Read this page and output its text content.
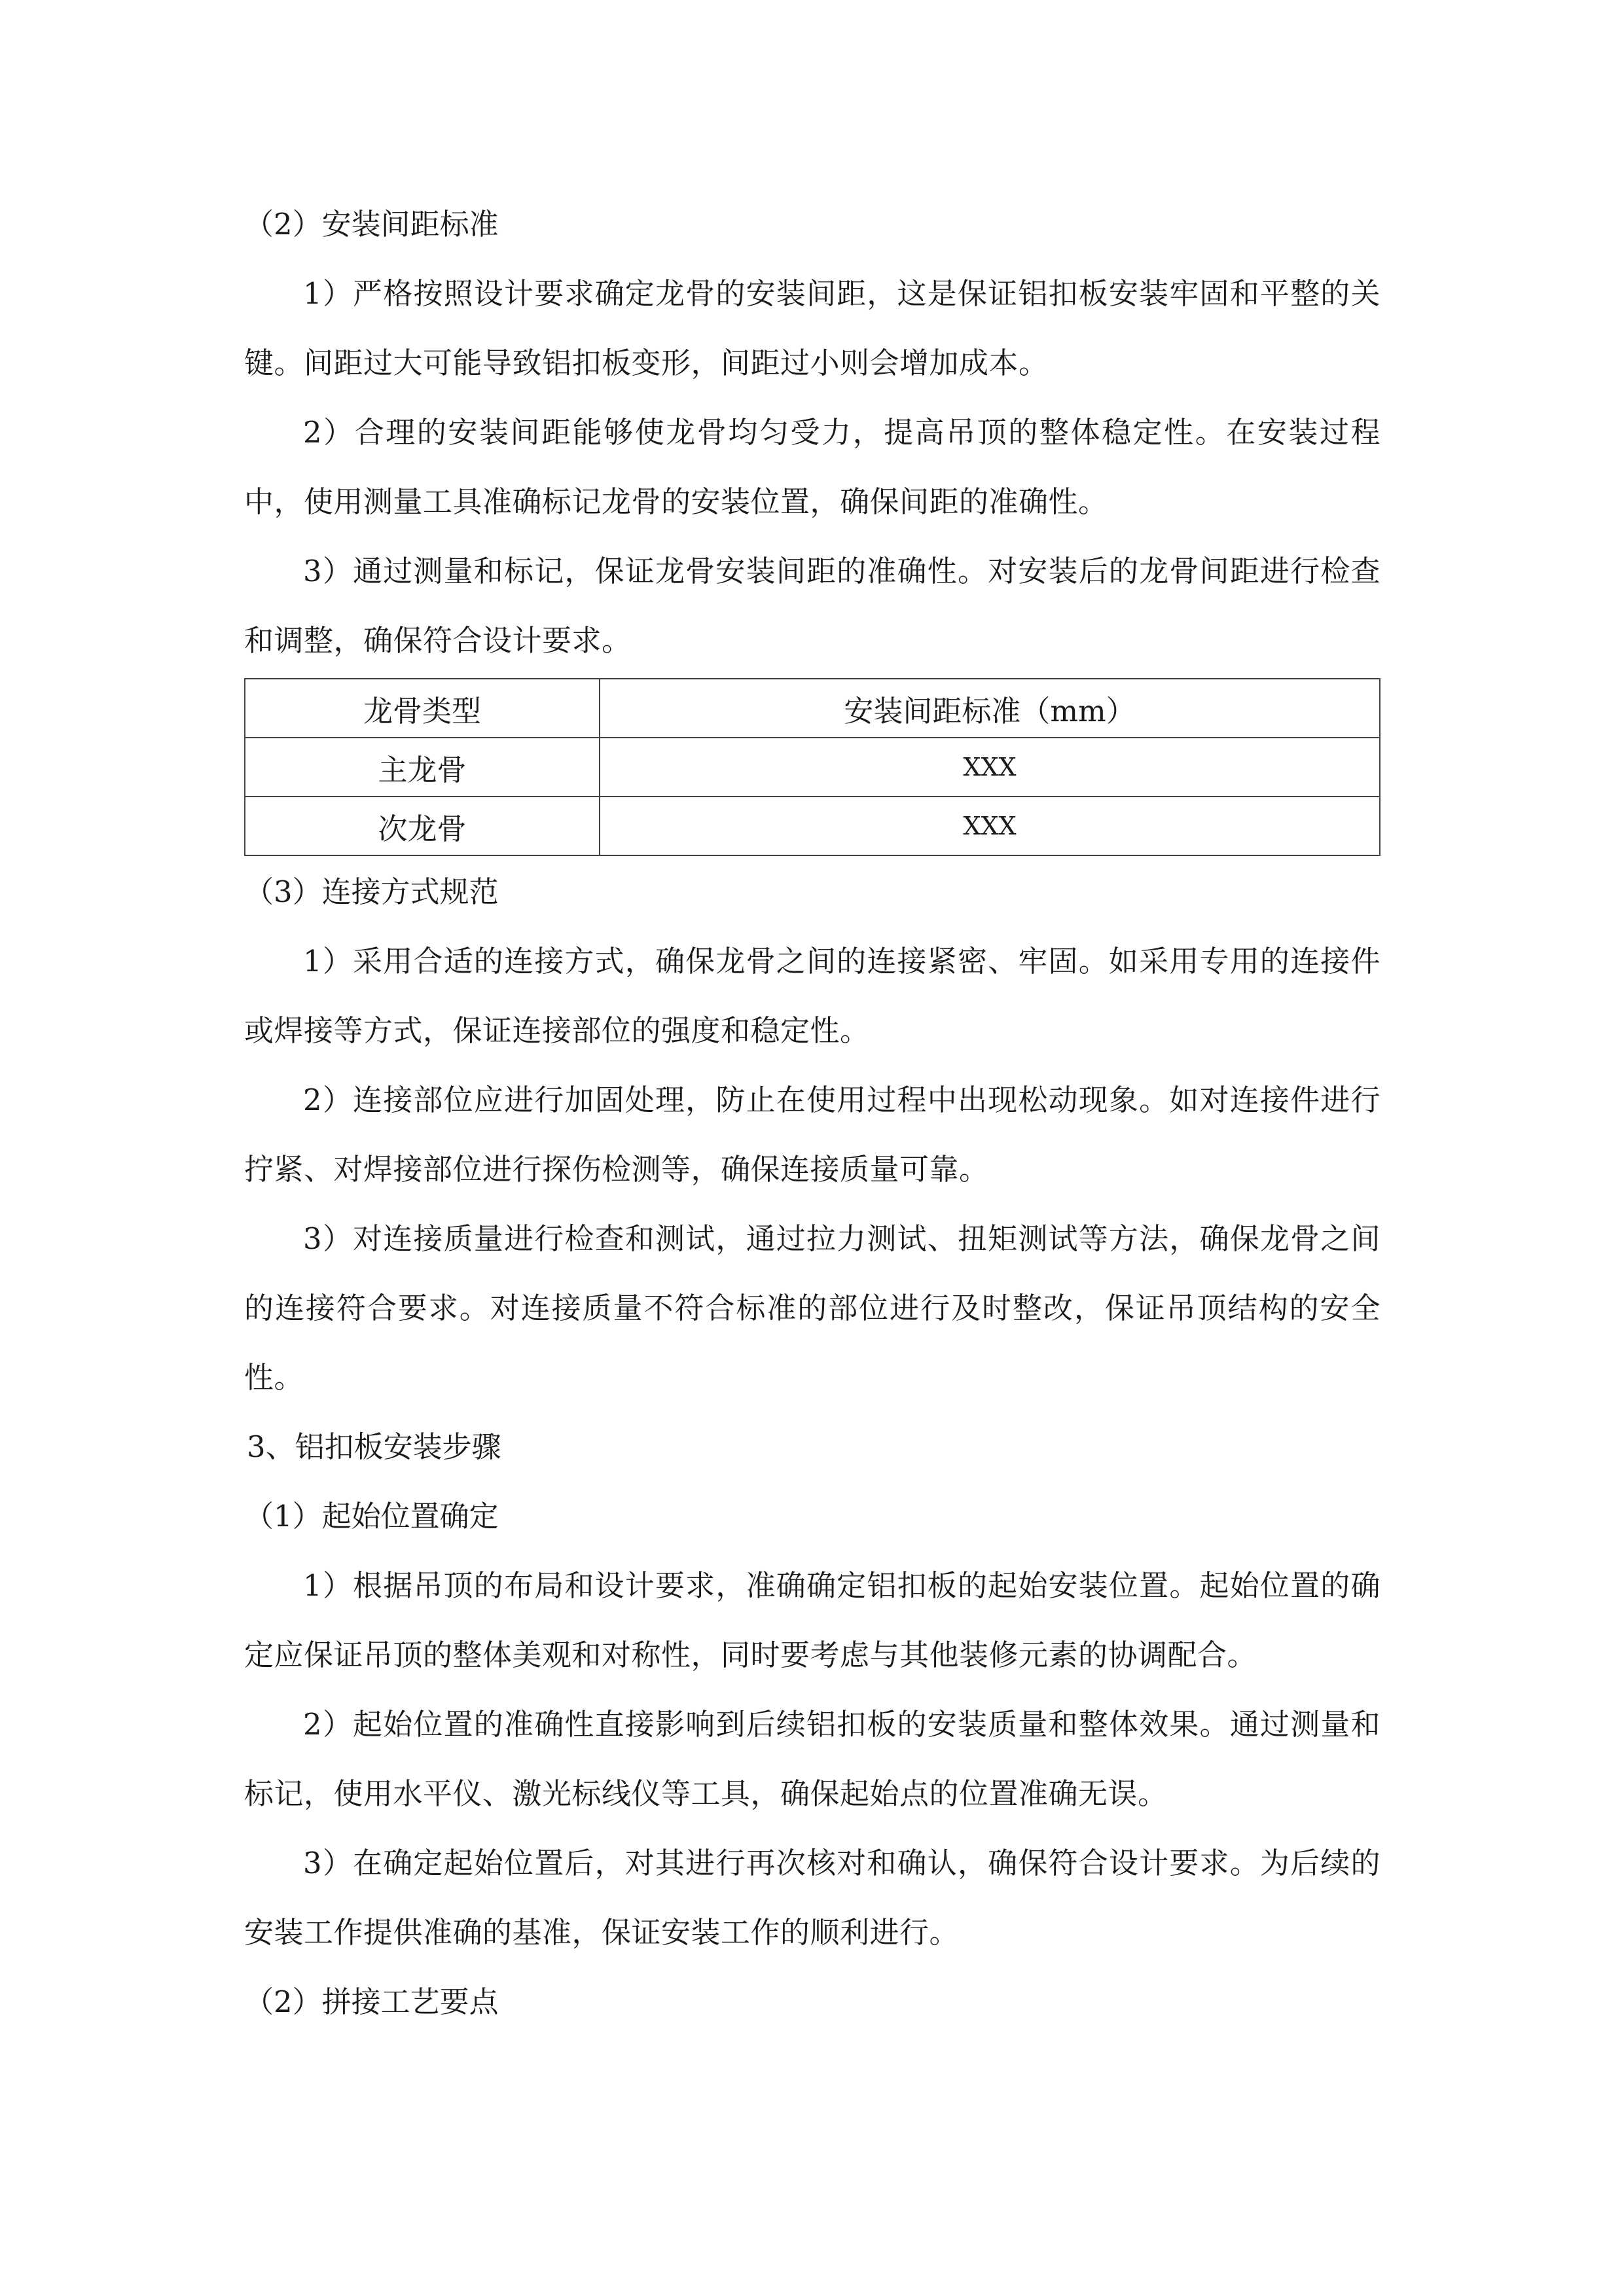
（2）安装间距标准

1）严格按照设计要求确定龙骨的安装间距，这是保证铝扣板安装牢固和平整的关键。间距过大可能导致铝扣板变形，间距过小则会增加成本。

2）合理的安装间距能够使龙骨均匀受力，提高吊顶的整体稳定性。在安装过程中，使用测量工具准确标记龙骨的安装位置，确保间距的准确性。

3）通过测量和标记，保证龙骨安装间距的准确性。对安装后的龙骨间距进行检查和调整，确保符合设计要求。

龙骨类型	安装间距标准（mm）
主龙骨	XXX
次龙骨	XXX

（3）连接方式规范

1）采用合适的连接方式，确保龙骨之间的连接紧密、牢固。如采用专用的连接件或焊接等方式，保证连接部位的强度和稳定性。

2）连接部位应进行加固处理，防止在使用过程中出现松动现象。如对连接件进行拧紧、对焊接部位进行探伤检测等，确保连接质量可靠。

3）对连接质量进行检查和测试，通过拉力测试、扭矩测试等方法，确保龙骨之间的连接符合要求。对连接质量不符合标准的部位进行及时整改，保证吊顶结构的安全性。

3、铝扣板安装步骤

（1）起始位置确定

1）根据吊顶的布局和设计要求，准确确定铝扣板的起始安装位置。起始位置的确定应保证吊顶的整体美观和对称性，同时要考虑与其他装修元素的协调配合。

2）起始位置的准确性直接影响到后续铝扣板的安装质量和整体效果。通过测量和标记，使用水平仪、激光标线仪等工具，确保起始点的位置准确无误。

3）在确定起始位置后，对其进行再次核对和确认，确保符合设计要求。为后续的安装工作提供准确的基准，保证安装工作的顺利进行。

（2）拼接工艺要点
